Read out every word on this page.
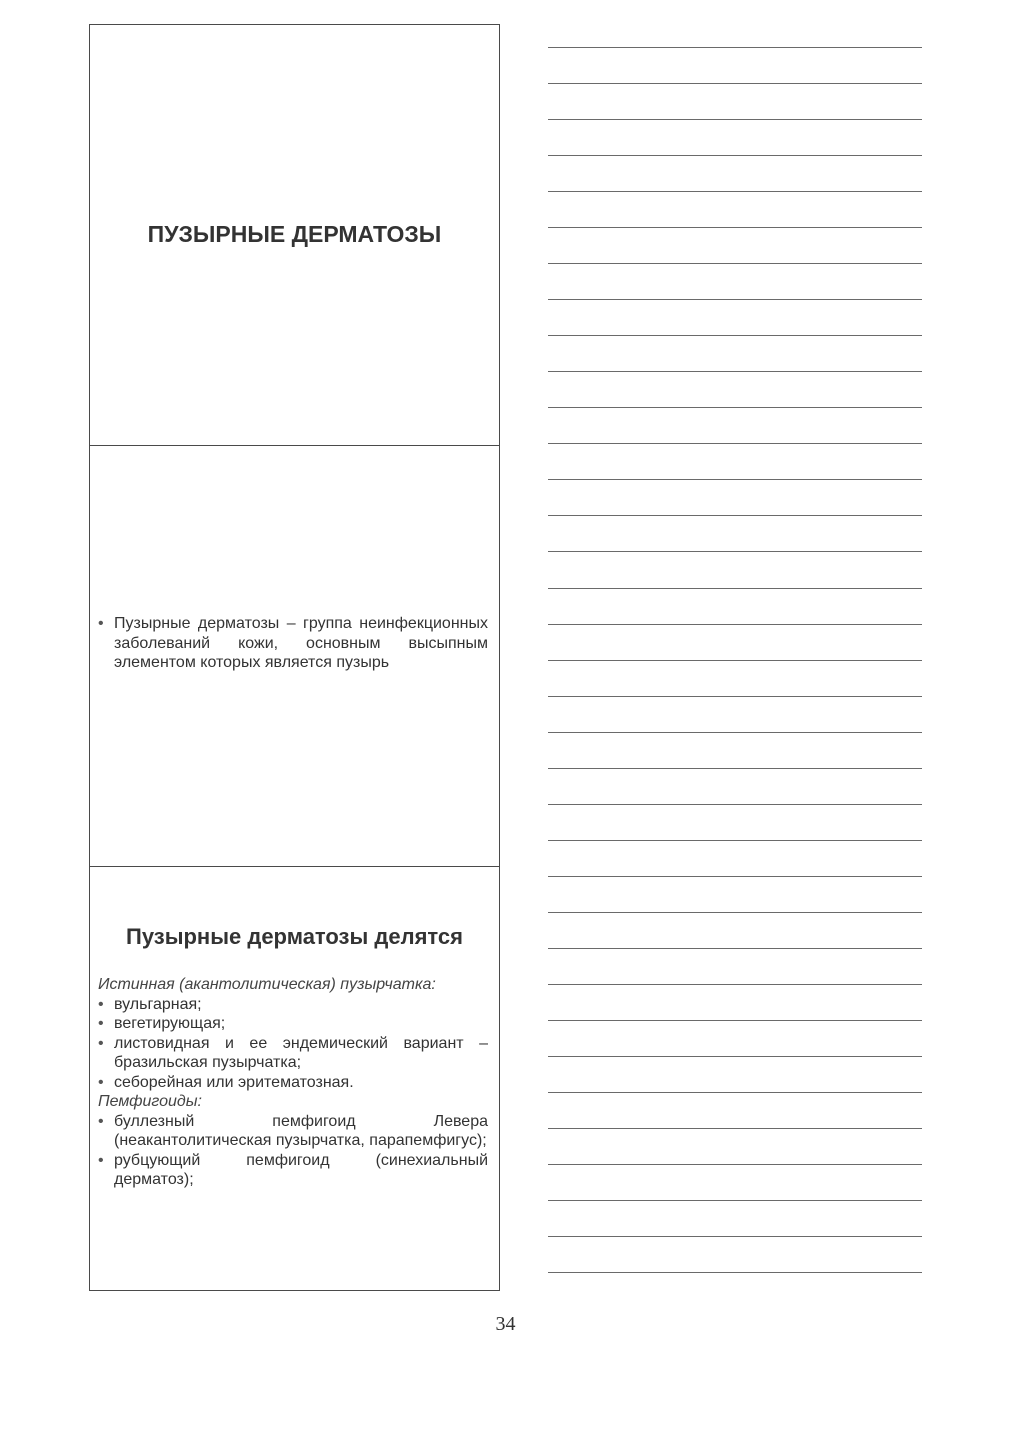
ПУЗЫРНЫЕ ДЕРМАТОЗЫ
• Пузырные дерматозы – группа неинфекционных заболеваний кожи, основным высыпным элементом которых является пузырь
Пузырные дерматозы делятся

Истинная (акантолитическая) пузырчатка:

• вульгарная;
• вегетирующая;
• листовидная и ее эндемический вариант – бразильская пузырчатка;
• себорейная или эритематозная.

Пемфигоиды:

• буллезный пемфигоид Левера (неакантолитическая пузырчатка, парапемфигус);
• рубцующий пемфигоид (синехиальный дерматоз);
34
